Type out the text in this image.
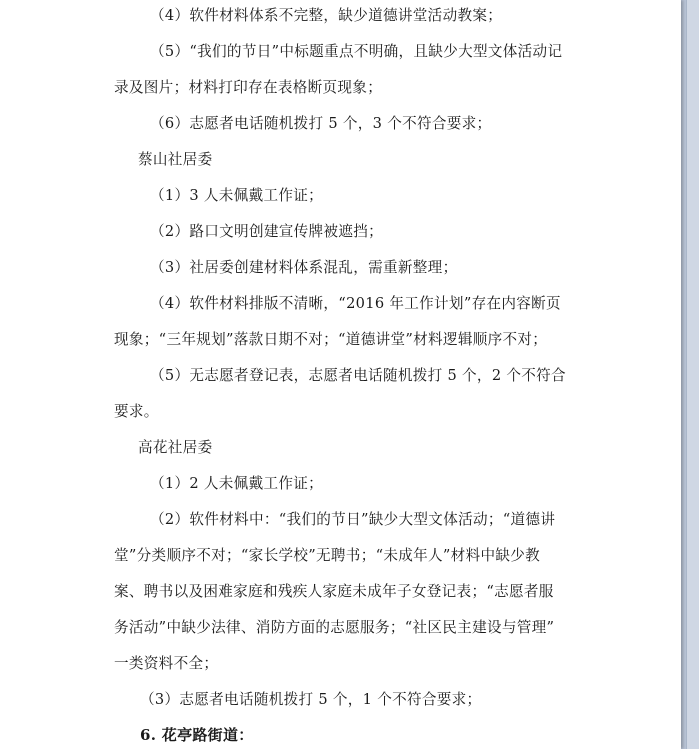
（4）软件材料体系不完整，缺少道德讲堂活动教案；
（5）“我们的节日”中标题重点不明确，且缺少大型文体活动记
录及图片；材料打印存在表格断页现象；
（6）志愿者电话随机拨打 5 个，3 个不符合要求；
蔡山社居委
（1）3 人未佩戴工作证；
（2）路口文明创建宣传牌被遮挡；
（3）社居委创建材料体系混乱，需重新整理；
（4）软件材料排版不清晰，“2016 年工作计划”存在内容断页
现象；“三年规划”落款日期不对；“道德讲堂”材料逻辑顺序不对；
（5）无志愿者登记表，志愿者电话随机拨打 5 个，2 个不符合
要求。
高花社居委
（1）2 人未佩戴工作证；
（2）软件材料中：“我们的节日”缺少大型文体活动；“道德讲
堂”分类顺序不对；“家长学校”无聘书；“未成年人”材料中缺少教
案、聘书以及困难家庭和残疾人家庭未成年子女登记表；“志愿者服
务活动”中缺少法律、消防方面的志愿服务；“社区民主建设与管理”
一类资料不全；
（3）志愿者电话随机拨打 5 个，1 个不符合要求；
6. 花亭路街道：
